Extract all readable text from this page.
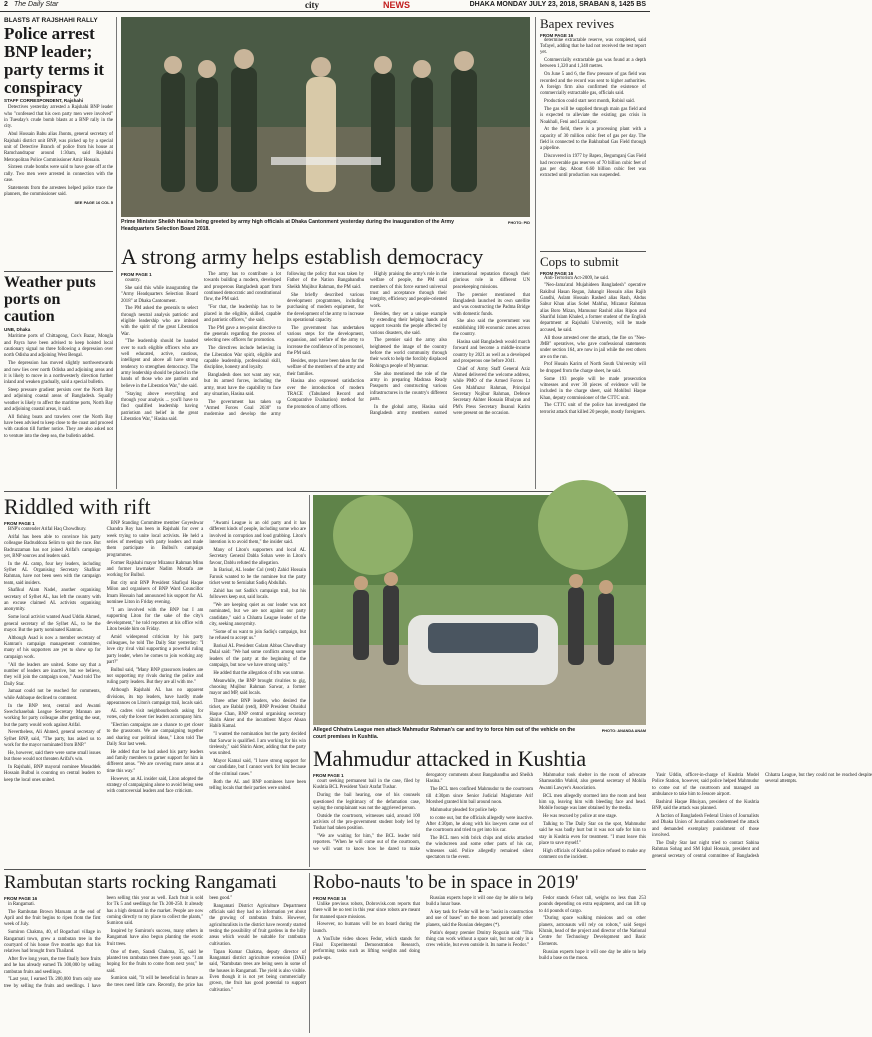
2 The Daily Star	city	NEWS	DHAKA MONDAY JULY 23, 2018, SRABAN 8, 1425 BS
BLASTS AT RAJSHAHI RALLY
Police arrest BNP leader; party terms it conspiracy
STAFF CORRESPONDENT, Rajshahi

Detectives yesterday arrested a Rajshahi BNP leader who "confessed that his own party men were involved" in Tuesday's crude bomb blasts at a BNP rally in the city.

Abul Hossain Babu alias Jhontu, general secretary of Rajshahi district unit BNP, was picked up by a special unit of Detective Branch of police from his house at Ramchandrapur around 1:30am, said Rajshahi Metropolitan Police Commissioner Amir Hossain.

Sixteen crude bombs were said to have gone off at the rally. Two men were arrested in connection with the case.

Statements from the arrestees helped police trace the planners, the commissioner said.

SEE PAGE 16 COL 5
Weather puts ports on caution
UNB, Dhaka

Maritime ports of Chittagong, Cox's Bazar, Mongla and Payra have been advised to keep hoisted local cautionary signal no three following a depression over north Odisha and adjoining West Bengal.

The depression has moved slightly northwestwards and now lies over north Odisha and adjoining areas and it is likely to move in a northwesterly direction further inland and weaken gradually, said a special bulletin.

Steep pressure gradient persists over the North Bay and adjoining coastal areas of Bangladesh. Squally weather is likely to affect the maritime ports, North Bay and adjoining coastal areas, it said.

All fishing boats and trawlers over the North Bay have been advised to keep close to the coast and proceed with caution till further notice. They are also asked not to venture into the deep sea, the bulletin added.

Prime Minister Sheikh Hasina being greeted by army high officials at Dhaka Cantonment yesterday during the inauguration of the Army Headquarters Selection Board 2018.
PHOTO: PID
A strong army helps establish democracy
FROM PAGE 1

country.

She said this while inaugurating the "Army Headquarters Selection Board 2018" at Dhaka Cantonment.

The PM asked the generals to select through neutral analysis patriotic and eligible leadership who are imbued with the spirit of the great Liberation War.

"The leadership should be handed over to such eligible officers who are well educated, active, cautious, intelligent and above all have strong tendency to strengthen democracy. The army leadership should be placed in the hands of those who are patriots and believe in the Liberation War," she said.

"Staying above everything and through your analysis ... you'll have to find qualified leadership having patriotism and belief in the great Liberation War," Hasina said.

The army has to contribute a lot towards building a modern, developed and prosperous Bangladesh apart from continued democratic and constitutional flow, the PM said.

"For that, the leadership has to be placed in the eligible, skilled, capable and patriotic officers," she said.

The PM gave a ten-point directive to the generals regarding the process of selecting new officers for promotion.

The directives include believing in the Liberation War spirit, eligible and capable leadership, professional skill, discipline, honesty and loyalty.

Bangladesh does not want any war, but its armed forces, including the army, must have the capability to face any situation, Hasina said.

The government has taken up "Armed Forces Goal 2030" to modernise and develop the army following the policy that was taken by Father of the Nation Bangabandhu Sheikh Mujibur Rahman, the PM said.

She briefly described various development programmes, including purchasing of modern equipment, for the development of the army to increase its operational capacity.

The government has undertaken various steps for the development, expansion, and welfare of the army to increase the confidence of its personnel, the PM said.

Besides, steps have been taken for the welfare of the members of the army and their families.

Hasina also expressed satisfaction over the introduction of modern TRACE (Tabulated Record and Comparative Evaluation) method for the promotion of army officers.

Highly praising the army's role in the welfare of people, the PM said members of this force earned universal trust and acceptance through their integrity, efficiency and people-oriented work.

Besides, they set a unique example by extending their helping hands and support towards the people affected by various disasters, she said.

The premier said the army also heightened the image of the country before the world community through their work to help the forcibly displaced Rohingya people of Myanmar.

She also mentioned the role of the army in preparing Madrasa Ready Passports and constructing various infrastructures in the country's different parts.

In the global army, Hasina said Bangladesh army members earned international reputation through their glorious role in different UN peacekeeping missions.

The premier mentioned that Bangladesh launched its own satellite and was constructing the Padma Bridge with domestic funds.

She also said the government was establishing 100 economic zones across the country.

Hasina said Bangladesh would march forward and become a middle-income country by 2021 as well as a developed and prosperous one before 2041.

Chief of Army Staff General Aziz Ahmed delivered the welcome address, while PMO of the Armed Forces Lt Gen Mahfuzur Rahman, Principal Secretary Nojibur Rahman, Defence Secretary Akhter Hossain Bhuiyan and PM's Press Secretary Ihsanul Karim were present on the occasion.

Bapex revives
FROM PAGE 16

determine extractable reserve, was completed, said Tofayel, adding that he had not received the test report yet.

Commercially extractable gas was found at a depth between 1,320 and 1,340 metres.

On June 5 and 6, the flow pressure of gas field was recorded and the record was sent to higher authorities. A foreign firm also confirmed the existence of commercially extractable gas, officials said.

Production could start next month, Robiul said.

The gas will be supplied through main gas field and is expected to alleviate the existing gas crisis in Noakhali, Feni and Laxmipur.

At the field, there is a processing plant with a capacity of 30 million cubic feet of gas per day. The field is connected to the Bakhrabad Gas Field through a pipeline.

Discovered in 1977 by Bapex, Begumganj Gas Field had recoverable gas reserves of 70 billion cubic feet of gas per day. About 6.60 billion cubic feet was extracted until production was suspended.

Cops to submit
FROM PAGE 16

Anti-Terrorism Act-2009, he said.

"Neo-Jama'atul Mujahideen Bangladesh" operative Rakibul Hasan Regan, Jahangir Hossain alias Rajib Gandhi, Aslam Hossain Rashed alias Rash, Abdus Sabur Khan alias Sohel Mahfuz, Mizanur Rahman alias Boro Mizan, Mamunur Rashid alias Ripon and Shariful Islam Khaled, a former student of the English department at Rajshahi University, will be made accused, he said.

All those arrested over the attack, the fire on "Neo-JMB" operatives, who gave confessional statements under section 164, are now in jail while the rest others are on the run.

Prof Husain Karim of North South University will be dropped from the charge sheet, he said.

Some 193 people will be made prosecution witnesses and over 30 pieces of evidence will be included in the charge sheet, said Mohibul Haque Khan, deputy commissioner of the CTTC unit.

The CTTC unit of the police has investigated the terrorist attack that killed 20 people, mostly foreigners.

Riddled with rift
FROM PAGE 1

BNP's contender Arifal Haq Chowdhury.

Arifal has been able to convince his party colleague Badruddoza Selim to quit the race. But Badruzzaman has not joined Arifal's campaign yet, BNP sources and leaders said.

In the AL camp, four key leaders, including Sylhet AL Organising Secretary Shafikur Rahman, have not been seen with the campaign team, said insiders.

Shafikul Alam Nadel, another organising secretary of Sylhet AL, has left the country with an excuse claimed AL activists organising anonymity.

Some local activist wanted Asad Uddin Ahmed, general secretary of the Sylhet AL, to be the mayor. But the party nominated Kamran.

Although Asad is now a member secretary of Kamran's campaign management committee, many of his supporters are yet to show up for campaign work.

"All the leaders are united. Some say that a number of leaders are inactive, but we believe, they will join the campaign soon," Asad told The Daily Star.

Jamaat could not be reached for comments, while Ashbaque declined to comment.

In the BNP tent, central and Awami Swechchasebak League Secretary Mannan are working for party colleague after getting the seat, but the party would work against Arifal.

Nevertheless, Ali Ahmed, general secretary of Sylhet BNP, said, "The party, has asked us to work for the mayor nominated from BNP."

He, however, said there were some small issues but those would not threaten Arifal's win.

In Rajshahi, BNP mayoral nominee Mosaddek Hossain Bulbul is counting on central leaders to keep the local ones united.

BNP Standing Committee member Goyeshwar Chandra Roy has been in Rajshahi for over a week trying to unite local activists. He held a series of meetings with party leaders and made them participate in Bulbul's campaign programmes.

Former Rajshahi mayor Mizanur Rahman Minu and former lawmaker Nadim Mostafa are working for Bulbul.

But city unit BNP President Shafiqul Haque Milon and organisers of BNP Ward Councillor Imam Hossain had announced his support for AL nominee Liton in Friday evening.

"I am involved with the BNP but I am supporting Liton for the sake of the city's development," he told reporters at his office with Liton beside him on Friday.

Amid widespread criticism by his party colleagues, he told The Daily Star yesterday: "I love city rival vital supporting a powerful ruling party leader, when he comes to join working any part?"

Bulbul said, "Many BNP grassroots leaders are not supporting my rivals during the police and ruling party leaders. But they are all with me."

Although Rajshahi AL has no apparent divisions, its top leaders, have hardly made appearances on Liton's campaign trail, locals said.

AL cadres visit neighbourhoods asking for votes, only the lower tier leaders accompany him.

"Election campaigns are a chance to get closer to the grassroots. We are campaigning together and sharing our political ideas," Liton told The Daily Star last week.

He added that he had asked his party leaders and family members to garner support for him in different areas. "We are covering more areas at a time this way."

However, an AL insider said, Liton adopted the strategy of campaigning alone to avoid being seen with controversial leaders and face criticism.

"Awami League is an old party and it has different kinds of people, including some who are involved in corruption and loud grabbing. Liton's intention is to avoid them," the insider said.

Many of Liton's supporters and local AL Secretary General Dabla Sohan were in Liton's favour, Dablu refuted the allegation.

In Barisal, AL leader Col (retd) Zahid Hossain Farouk wanted to be the nominee but the party ticket went to Serniabat Sadiq Abdullah.

Zahid has not Sadik's campaign trail, but his followers keep out, said locals.

"We are keeping quiet as our leader was not nominated, but we are not against our party candidate," said a Chhatra League leader of the city, seeking anonymity.

"Some of us want to join Sadiq's campaign, but he refused to accept us."

Barisal AL President Golam Abbas Chowdhury Dulal said: "We had some conflicts among some leaders of the party at the beginning of the campaign, but now we have strong unity."

He added that the allegation of rifts was untrue.

Meanwhile, the BNP brought rivalries to gig, choosing Mujibur Rahman Sarwar, a former mayor and MP, said locals.

Three other BNP leaders, who desired the ticket, are Bablal (retd), BNP President Obaidul Haque Chan, BNP central organising secretary Shirin Akter and the incumbent Mayor Ahsan Habib Kamal.

"I wanted the nomination but the party decided that Sarwar is qualified. I am working for his win tirelessly," said Shirin Akter, adding that the party was united.

Mayor Kamal said, "I have strong support for our candidate, but I cannot work for him because of the criminal cases."

Both the AL and BNP nominees have been telling locals that their parties were united.

Alleged Chhatra League men attack Mahmudur Rahman's car and try to force him out of the vehicle on the court premises in Kushtia.
PHOTO: ANANDA ANAM
Mahmudur attacked in Kushtia
FROM PAGE 1

court seeking permanent bail in the case, filed by Kushtia BCL President Yasir Arafat Tushar.

During the bail hearing, one of his counsels questioned the legitimacy of the defamation case, saying the complainant was not the aggrieved person.

Outside the courtroom, witnesses said, around 100 activists of the pro-government student body led by Tushar had taken position.

"We are waiting for him," the BCL leader told reporters. "When he will come out of the courtroom, we will want to know how he dared to make derogatory comments about Bangabandhu and Sheikh Hasina."

The BCL men confined Mahmudur to the courtroom till 4:30pm since Senior Judicial Magistrate Arif Morshed granted him bail around noon.

Mahmudur pleaded for police help

to come out, but the officials allegedly were inactive. After 4:30pm, he along with his lawyers came out of the courtroom and tried to get into his car.

The BCL men with brick chips and sticks attacked the windscreen and some other parts of his car, witnesses said. Police allegedly remained silent spectators to the event.

Mahmudur took shelter in the room of advocate Shamsuddin Wahid, also general secretary of Mohila Awami Lawyer's Association.

BCL men allegedly stormed into the room and beat him up, leaving him with bleeding face and head. Mobile footage was later obtained by the media.

He was rescued by police at one stage.

Talking to The Daily Star on the spot, Mahmudur said he was badly hurt but it was not safe for him to stay in Kushtia even for treatment. "I must leave this place to save myself."

High officials of Kushtia police refused to make any comment on the incident.

Yasir Uddin, officer-in-charge of Kushtia Model Police Station, however, said police helped Mahmudur to come out of the courtroom and managed an ambulance to take him to Jessore airport.

Bashirul Haque Bhuiyan, president of the Kushtia BNP, said the attack was planned.

A faction of Bangladesh Federal Union of Journalists and Dhaka Union of Journalists condemned the attack and demanded exemplary punishment of those involved.

The Daily Star last night tried to contact Sabina Rahman Sohag and SM Iqbal Hossain, president and general secretary of central committee of Bangladesh Chhatra League, but they could not be reached despite several attempts.

Rambutan starts rocking Rangamati
FROM PAGE 16

in Rangamati.

The Rambutan Brown Maruam at the end of April and the fruit begins to ripen from the first week of July.

Sumiron Chakma, 40, of Bogachari village in Rangamati town, grew a rambutan tree in the courtyard of his house five months ago that his relatives had brought from Thailand.

After five long years, the tree finally bore fruits and he has already earned Tk 300,000 by selling rambutan fruits and seedlings.

"Last year, I earned Tk 200,000 from only one tree by selling the fruits and seedlings. I have been selling this year as well. Each fruit is sold for Tk 5 and seedlings for Tk 200-250. It already has a high demand in the market. People are now coming directly to my place to collect the plants," Sumiron said.

Inspired by Sumiron's success, many others in Rangamati have also begun planting the exotic fruit trees.

One of them, Saradi Chakma, 35, said he planted ten rambutan trees three years ago. "I am hoping for the fruits to come from next year," he said.

Sumiron said, "It will be beneficial in future as the trees need little care. Recently, the price has been good."

Rangamati District Agriculture Department officials said they had no information yet about the growing of rambutan fruits. However, agriculturalists in the district have recently started testing the possibility of fruit gardens in the hilly areas which would be suitable for rambutan cultivation.

Tapan Kumar Chakma, deputy director of Rangamati district agriculture extension (DAE) said, "Rambutan trees are being seen in some of the houses in Rangamati. The yield is also visible. Even though it is not yet being commercially grown, the fruit has good potential to support cultivation."

Robo-nauts 'to be in space in 2019'
FROM PAGE 16

Unlike previous robots, Dobrovisk.com reports that there will be no test in this year since robots are meant for manned space missions.

However, no humans will be on board during the launch.

A YouTube video shows Fedor, which stands for Final Experimental Demonstration Research, performing tasks such as lifting weights and doing push-ups.

Russian experts hope it will one day be able to help build a lunar base.

A key task for Fedor will be to "assist in construction and use of bases" on the moon and potentially other planets, said the Russian delegates (*).

Putin's deputy premier Dmitry Rogozin said: "This thing can work without a space suit, but not only in a crew vehicle, but even outside it. Its name is Feodor."

Fedor stands 6-foot tall, weighs no less than 253 pounds depending on extra equipment, and can lift up to 44 pounds of cargo.

"During space walking missions and on other planets, astronauts will rely on robots," said Sergei Khrain, head of the project and director of the National Centre for Technology Development and Basic Elements.

Russian experts hope it will one day be able to help build a base on the moon.
